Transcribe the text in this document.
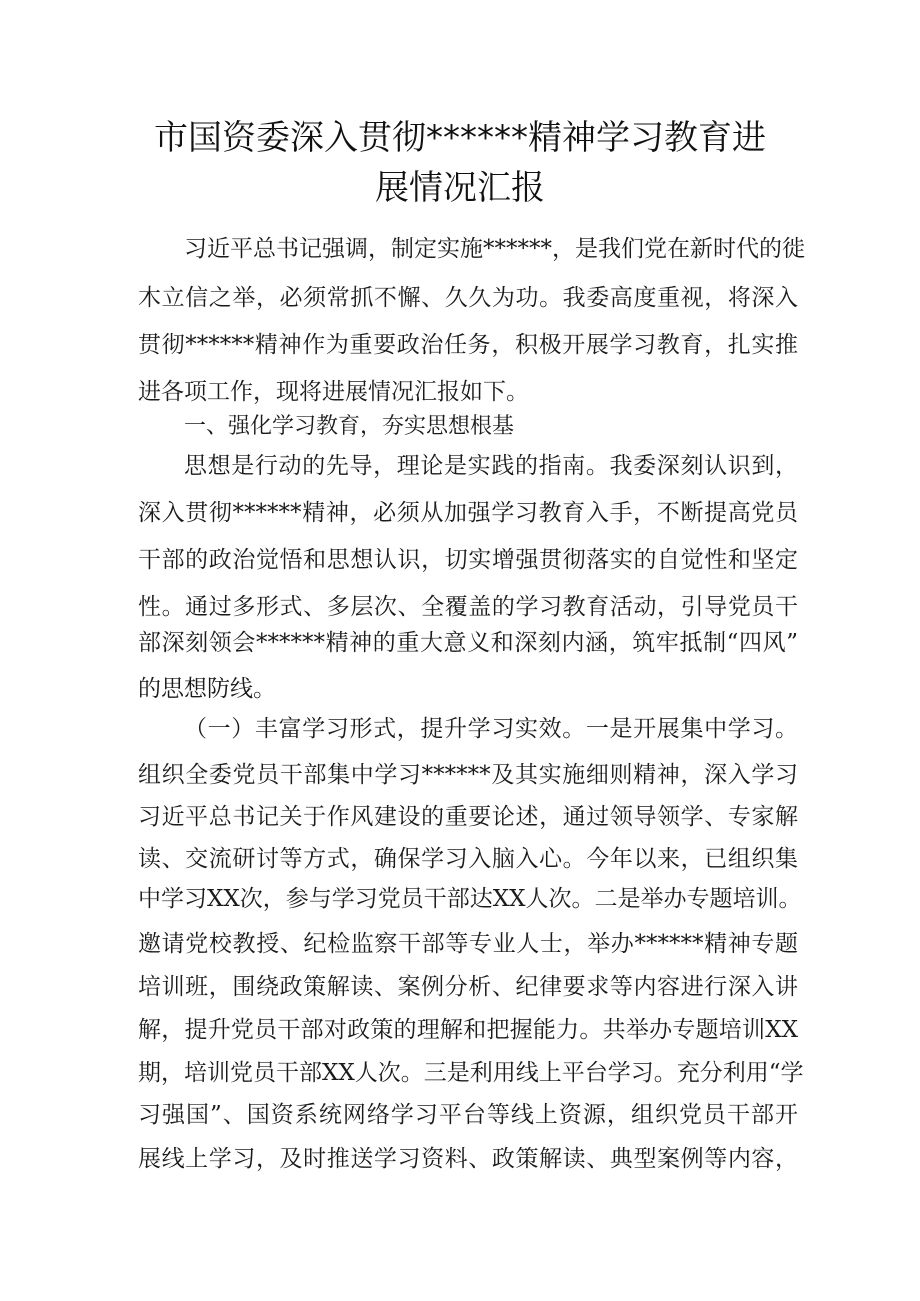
市国资委深入贯彻******精神学习教育进
展情况汇报

习近平总书记强调，制定实施******，是我们党在新时代的徙

木立信之举，必须常抓不懈、久久为功。我委高度重视，将深入

贯彻******精神作为重要政治任务，积极开展学习教育，扎实推

进各项工作，现将进展情况汇报如下。

一、强化学习教育，夯实思想根基

思想是行动的先导，理论是实践的指南。我委深刻认识到，

深入贯彻******精神，必须从加强学习教育入手，不断提高党员

干部的政治觉悟和思想认识，切实增强贯彻落实的自觉性和坚定

性。通过多形式、多层次、全覆盖的学习教育活动，引导党员干

部深刻领会******精神的重大意义和深刻内涵，筑牢抵制“四风”

的思想防线。

（一）丰富学习形式，提升学习实效。一是开展集中学习。

组织全委党员干部集中学习******及其实施细则精神，深入学习

习近平总书记关于作风建设的重要论述，通过领导领学、专家解

读、交流研讨等方式，确保学习入脑入心。今年以来，已组织集

中学习XX次，参与学习党员干部达XX人次。二是举办专题培训。

邀请党校教授、纪检监察干部等专业人士，举办******精神专题

培训班，围绕政策解读、案例分析、纪律要求等内容进行深入讲

解，提升党员干部对政策的理解和把握能力。共举办专题培训XX

期，培训党员干部XX人次。三是利用线上平台学习。充分利用“学

习强国”、国资系统网络学习平台等线上资源，组织党员干部开

展线上学习，及时推送学习资料、政策解读、典型案例等内容，
